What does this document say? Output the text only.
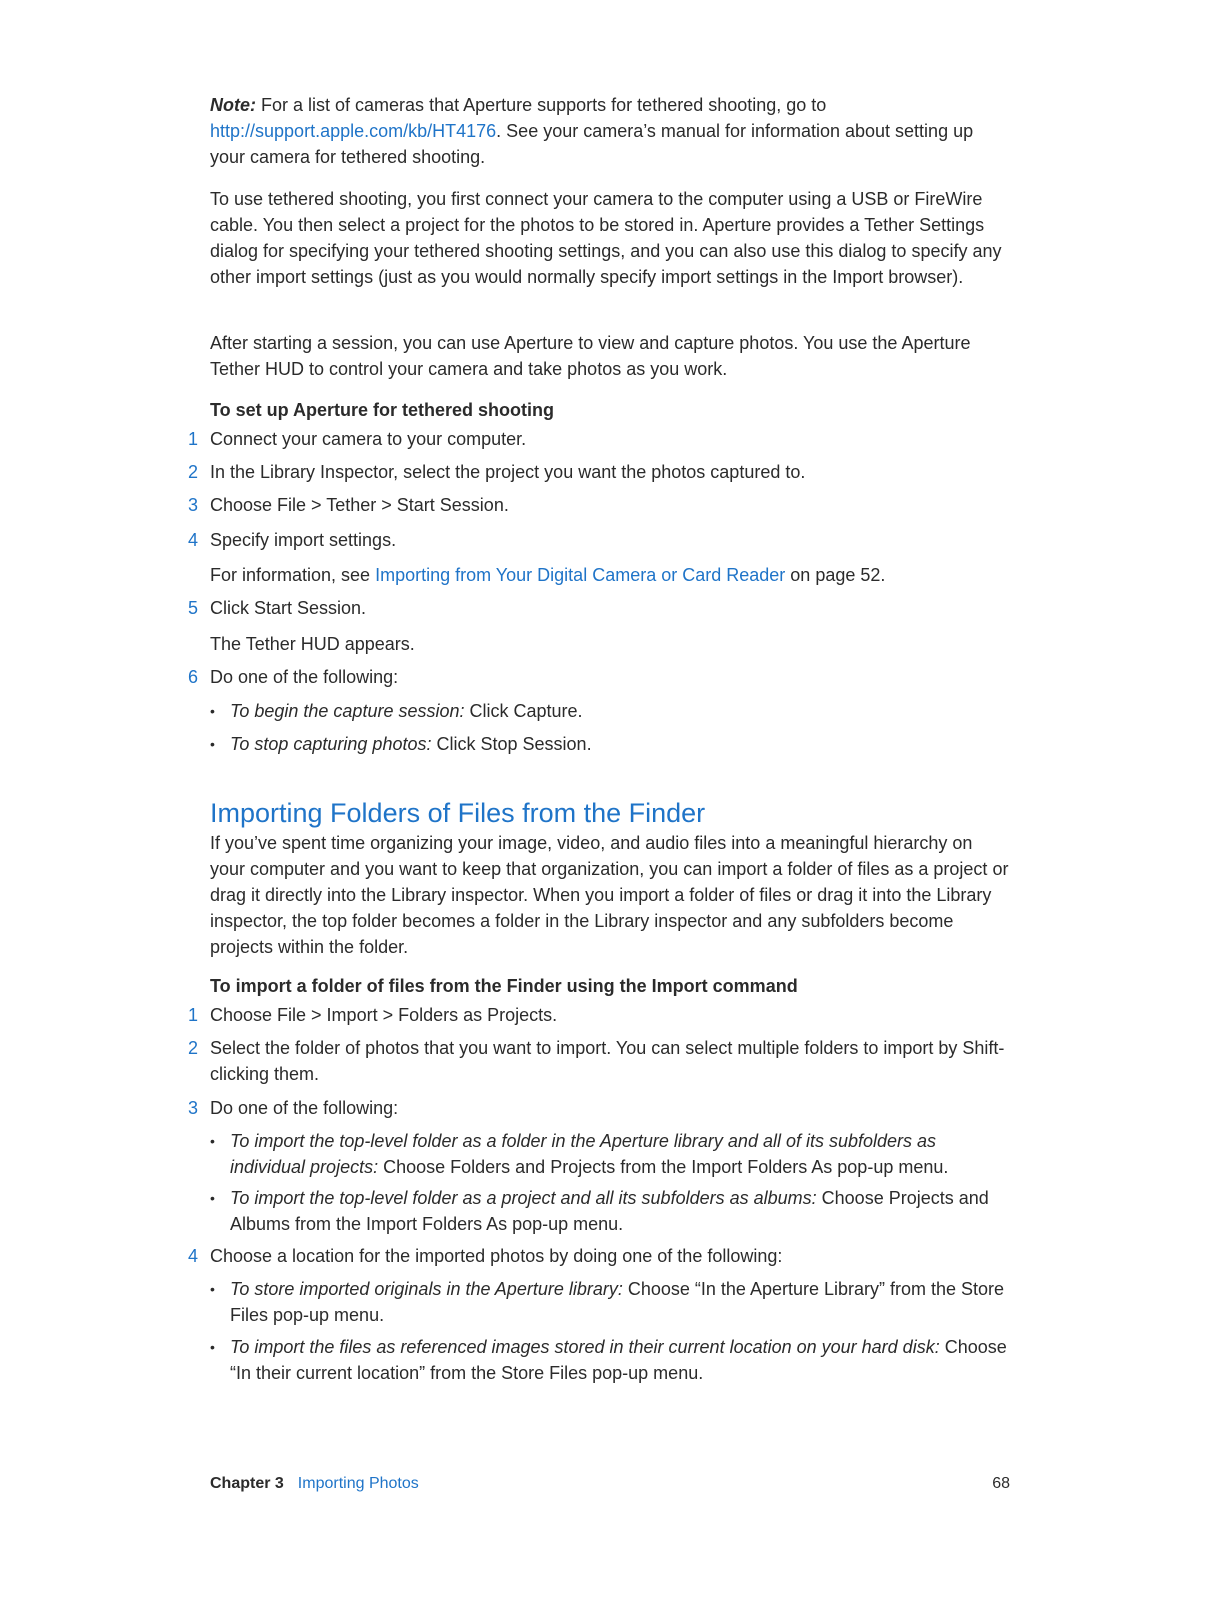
Note: For a list of cameras that Aperture supports for tethered shooting, go to http://support.apple.com/kb/HT4176. See your camera’s manual for information about setting up your camera for tethered shooting.

To use tethered shooting, you first connect your camera to the computer using a USB or FireWire cable. You then select a project for the photos to be stored in. Aperture provides a Tether Settings dialog for specifying your tethered shooting settings, and you can also use this dialog to specify any other import settings (just as you would normally specify import settings in the Import browser).

After starting a session, you can use Aperture to view and capture photos. You use the Aperture Tether HUD to control your camera and take photos as you work.

To set up Aperture for tethered shooting

1 Connect your camera to your computer.

2 In the Library Inspector, select the project you want the photos captured to.

3 Choose File > Tether > Start Session.

4 Specify import settings.

For information, see Importing from Your Digital Camera or Card Reader on page 52.

5 Click Start Session.

The Tether HUD appears.

6 Do one of the following:

• To begin the capture session: Click Capture.

• To stop capturing photos: Click Stop Session.

Importing Folders of Files from the Finder

If you’ve spent time organizing your image, video, and audio files into a meaningful hierarchy on your computer and you want to keep that organization, you can import a folder of files as a project or drag it directly into the Library inspector. When you import a folder of files or drag it into the Library inspector, the top folder becomes a folder in the Library inspector and any subfolders become projects within the folder.

To import a folder of files from the Finder using the Import command

1 Choose File > Import > Folders as Projects.

2 Select the folder of photos that you want to import. You can select multiple folders to import by Shift-clicking them.

3 Do one of the following:

• To import the top-level folder as a folder in the Aperture library and all of its subfolders as individual projects: Choose Folders and Projects from the Import Folders As pop-up menu.

• To import the top-level folder as a project and all its subfolders as albums: Choose Projects and Albums from the Import Folders As pop-up menu.

4 Choose a location for the imported photos by doing one of the following:

• To store imported originals in the Aperture library: Choose “In the Aperture Library” from the Store Files pop-up menu.

• To import the files as referenced images stored in their current location on your hard disk: Choose “In their current location” from the Store Files pop-up menu.

Chapter 3 Importing Photos	68
